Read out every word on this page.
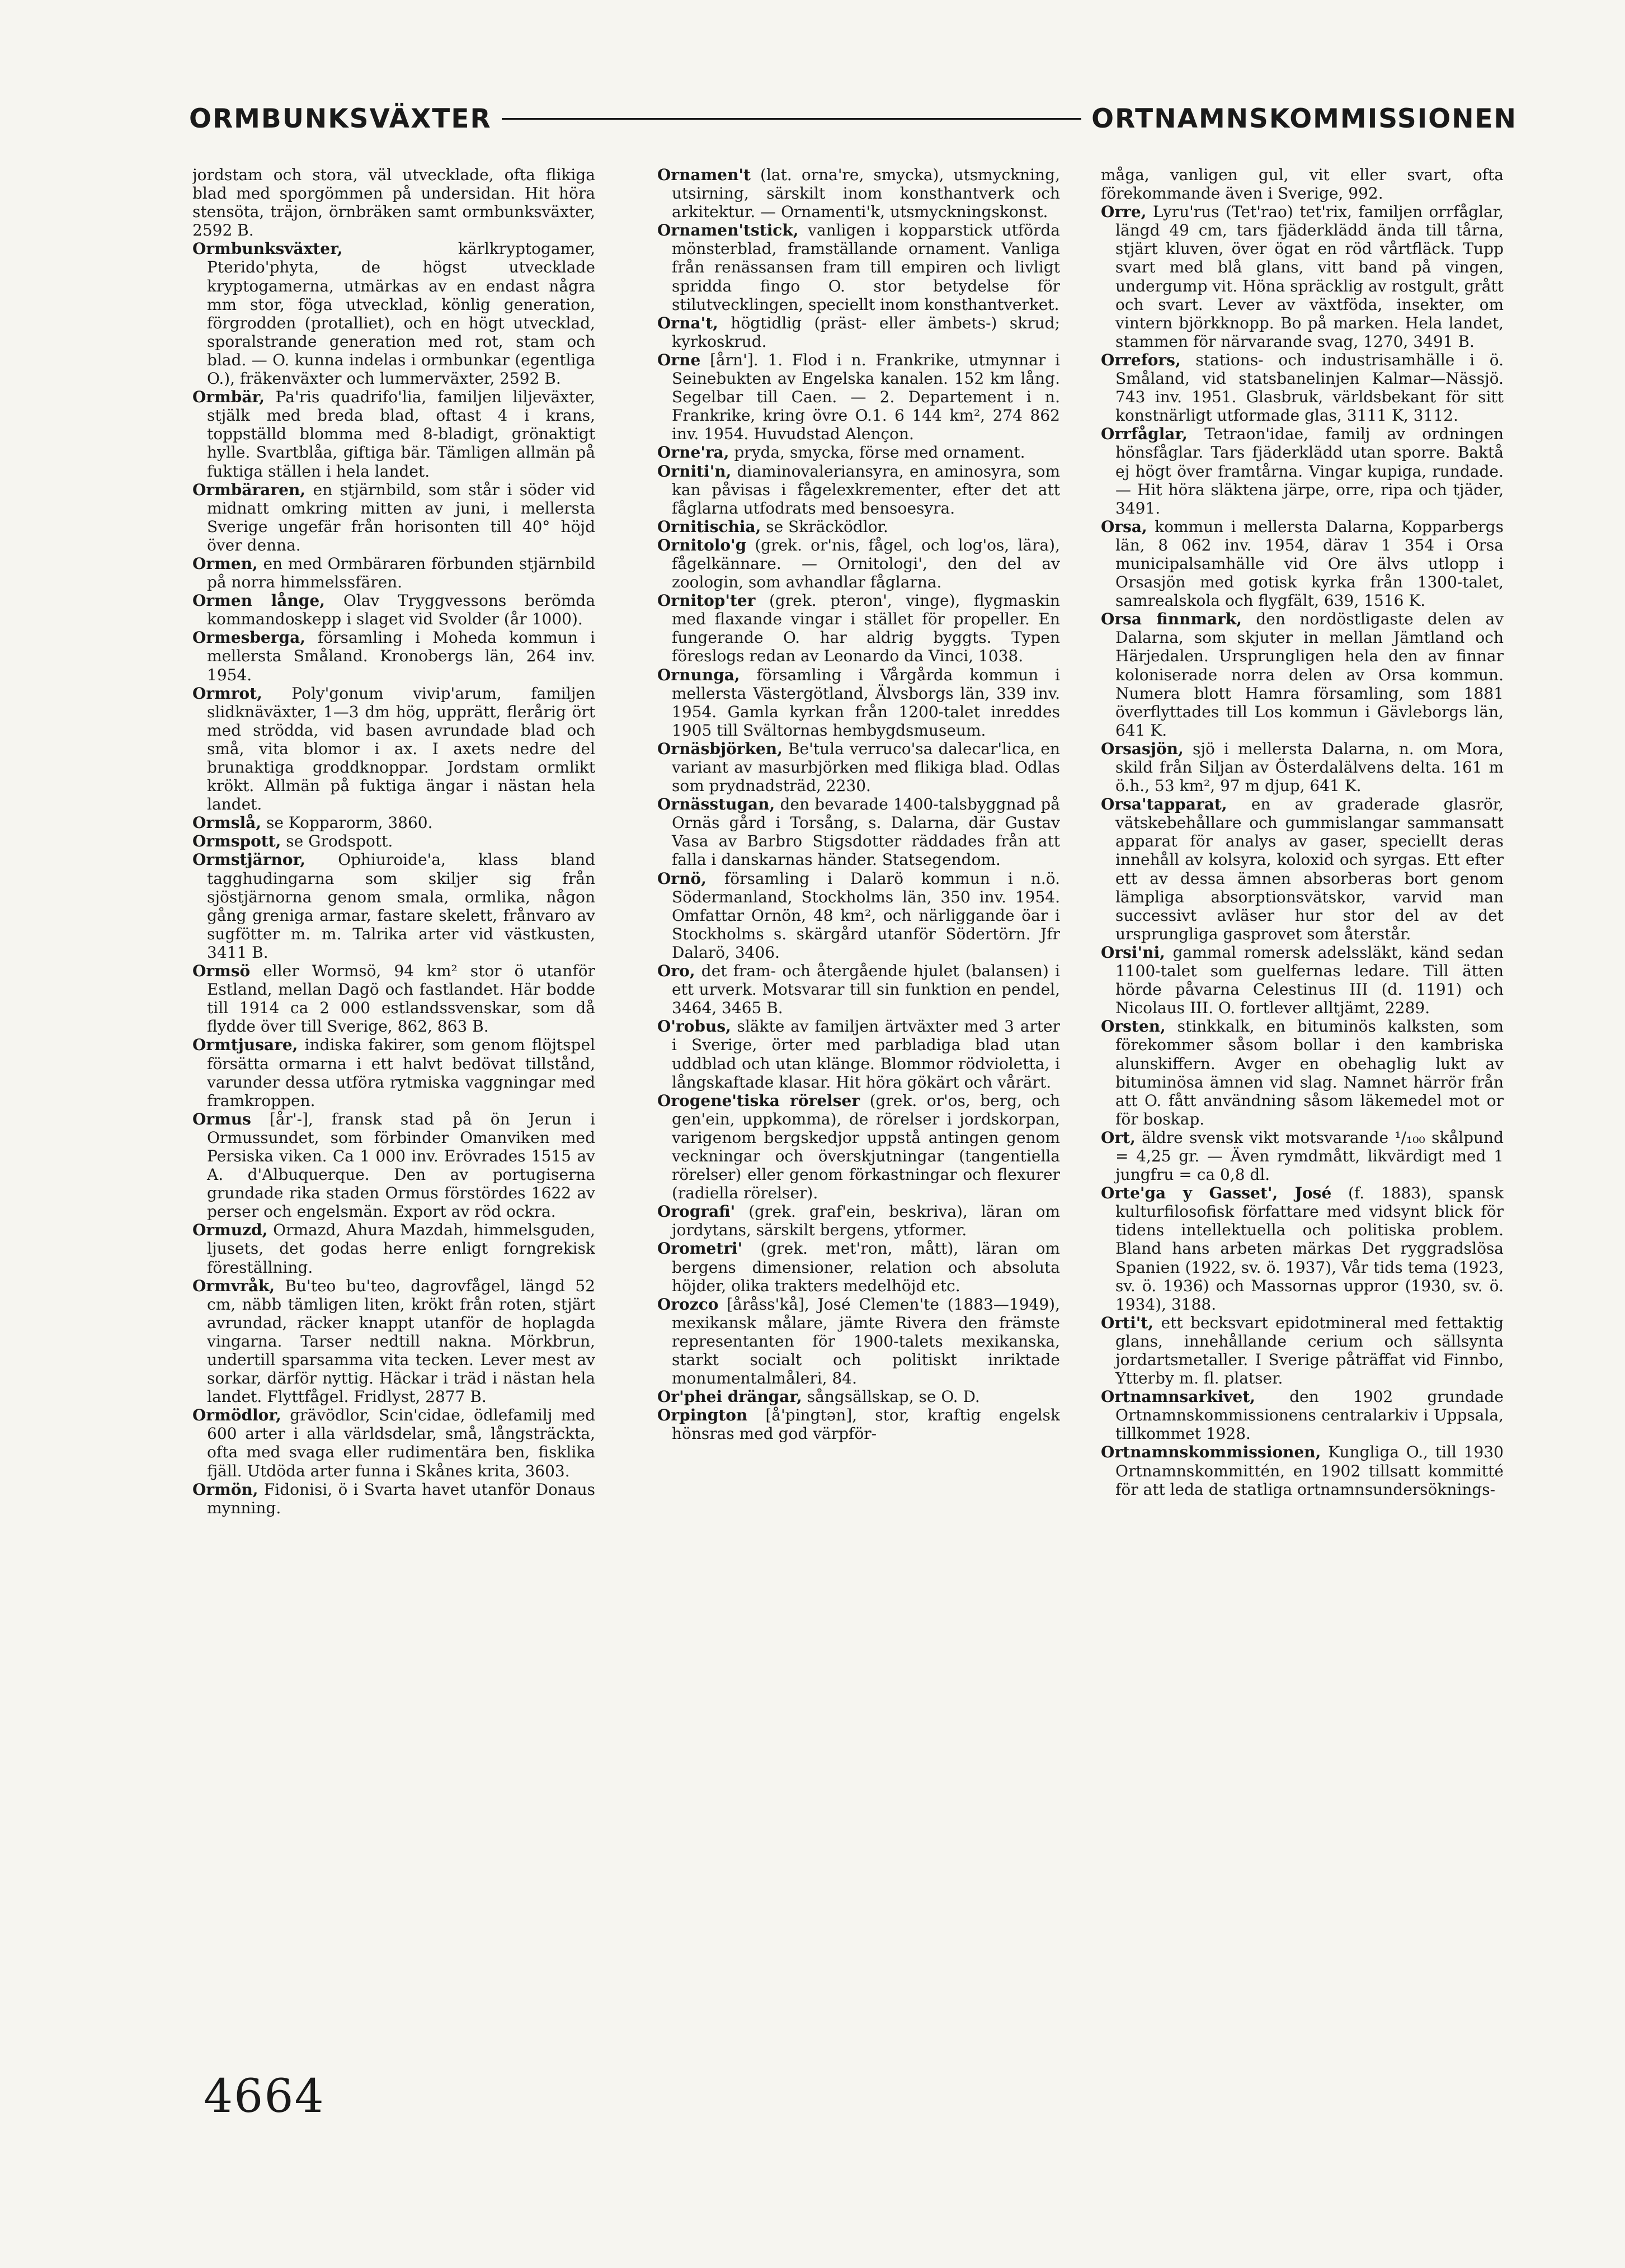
ORMBUNKSVÄXTER	ORTNAMNSKOMMISSIONEN

jordstam och stora, väl utvecklade, ofta flikiga blad med sporgömmen på undersidan. Hit höra stensöta, träjon, örnbräken samt ormbunksväxter, 2592 B.

Ormbunksväxter, kärlkryptogamer, Pterido'phyta, de högst utvecklade kryptogamerna, utmärkas av en endast några mm stor, föga utvecklad, könlig generation, förgrodden (protalliet), och en högt utvecklad, sporalstrande generation med rot, stam och blad. — O. kunna indelas i ormbunkar (egentliga O.), fräkenväxter och lummerväxter, 2592 B.

Ormbär, Pa'ris quadrifo'lia, familjen liljeväxter, stjälk med breda blad, oftast 4 i krans, toppställd blomma med 8-bladigt, grönaktigt hylle. Svartblåa, giftiga bär. Tämligen allmän på fuktiga ställen i hela landet.

Ormbäraren, en stjärnbild, som står i söder vid midnatt omkring mitten av juni, i mellersta Sverige ungefär från horisonten till 40° höjd över denna.

Ormen, en med Ormbäraren förbunden stjärnbild på norra himmelssfären.

Ormen långe, Olav Tryggvessons berömda kommandoskepp i slaget vid Svolder (år 1000).

Ormesberga, församling i Moheda kommun i mellersta Småland. Kronobergs län, 264 inv. 1954.

Ormrot, Poly'gonum vivip'arum, familjen slidknäväxter, 1—3 dm hög, upprätt, flerårig ört med strödda, vid basen avrundade blad och små, vita blomor i ax. I axets nedre del brunaktiga groddknoppar. Jordstam ormlikt krökt. Allmän på fuktiga ängar i nästan hela landet.

Ormslå, se Kopparorm, 3860.

Ormspott, se Grodspott.

Ormstjärnor, Ophiuroide'a, klass bland tagghudingarna som skiljer sig från sjöstjärnorna genom smala, ormlika, någon gång greniga armar, fastare skelett, frånvaro av sugfötter m. m. Talrika arter vid västkusten, 3411 B.

Ormsö eller Wormsö, 94 km² stor ö utanför Estland, mellan Dagö och fastlandet. Här bodde till 1914 ca 2 000 estlandssvenskar, som då flydde över till Sverige, 862, 863 B.

Ormtjusare, indiska fakirer, som genom flöjtspel försätta ormarna i ett halvt bedövat tillstånd, varunder dessa utföra rytmiska vaggningar med framkroppen.

Ormus [år'-], fransk stad på ön Jerun i Ormussundet, som förbinder Omanviken med Persiska viken. Ca 1 000 inv. Erövrades 1515 av A. d'Albuquerque. Den av portugiserna grundade rika staden Ormus förstördes 1622 av perser och engelsmän. Export av röd ockra.

Ormuzd, Ormazd, Ahura Mazdah, himmelsguden, ljusets, det godas herre enligt forngrekisk föreställning.

Ormvråk, Bu'teo bu'teo, dagrovfågel, längd 52 cm, näbb tämligen liten, krökt från roten, stjärt avrundad, räcker knappt utanför de hoplagda vingarna. Tarser nedtill nakna. Mörkbrun, undertill sparsamma vita tecken. Lever mest av sorkar, därför nyttig. Häckar i träd i nästan hela landet. Flyttfågel. Fridlyst, 2877 B.

Ormödlor, grävödlor, Scin'cidae, ödlefamilj med 600 arter i alla världsdelar, små, långsträckta, ofta med svaga eller rudimentära ben, fisklika fjäll. Utdöda arter funna i Skånes krita, 3603.

Ormön, Fidonisi, ö i Svarta havet utanför Donaus mynning.

Ornamen't (lat. orna're, smycka), utsmyckning, utsirning, särskilt inom konsthantverk och arkitektur. — Ornamenti'k, utsmyckningskonst.

Ornamen'tstick, vanligen i kopparstick utförda mönsterblad, framställande ornament. Vanliga från renässansen fram till empiren och livligt spridda fingo O. stor betydelse för stilutvecklingen, speciellt inom konsthantverket.

Orna't, högtidlig (präst- eller ämbets-) skrud; kyrkoskrud.

Orne [årn']. 1. Flod i n. Frankrike, utmynnar i Seinebukten av Engelska kanalen. 152 km lång. Segelbar till Caen. — 2. Departement i n. Frankrike, kring övre O.1. 6 144 km², 274 862 inv. 1954. Huvudstad Alençon.

Orne'ra, pryda, smycka, förse med ornament.

Orniti'n, diaminovaleriansyra, en aminosyra, som kan påvisas i fågelexkrementer, efter det att fåglarna utfodrats med bensoesyra.

Ornitischia, se Skräcködlor.

Ornitolo'g (grek. or'nis, fågel, och log'os, lära), fågelkännare. — Ornitologi', den del av zoologin, som avhandlar fåglarna.

Ornitop'ter (grek. pteron', vinge), flygmaskin med flaxande vingar i stället för propeller. En fungerande O. har aldrig byggts. Typen föreslogs redan av Leonardo da Vinci, 1038.

Ornunga, församling i Vårgårda kommun i mellersta Västergötland, Älvsborgs län, 339 inv. 1954. Gamla kyrkan från 1200-talet inreddes 1905 till Svältornas hembygdsmuseum.

Ornäsbjörken, Be'tula verruco'sa dalecar'lica, en variant av masurbjörken med flikiga blad. Odlas som prydnadsträd, 2230.

Ornässtugan, den bevarade 1400-talsbyggnad på Ornäs gård i Torsång, s. Dalarna, där Gustav Vasa av Barbro Stigsdotter räddades från att falla i danskarnas händer. Statsegendom.

Ornö, församling i Dalarö kommun i n.ö. Södermanland, Stockholms län, 350 inv. 1954. Omfattar Ornön, 48 km², och närliggande öar i Stockholms s. skärgård utanför Södertörn. Jfr Dalarö, 3406.

Oro, det fram- och återgående hjulet (balansen) i ett urverk. Motsvarar till sin funktion en pendel, 3464, 3465 B.

O'robus, släkte av familjen ärtväxter med 3 arter i Sverige, örter med parbladiga blad utan uddblad och utan klänge. Blommor rödvioletta, i långskaftade klasar. Hit höra gökärt och vårärt.

Orogene'tiska rörelser (grek. or'os, berg, och gen'ein, uppkomma), de rörelser i jordskorpan, varigenom bergskedjor uppstå antingen genom veckningar och överskjutningar (tangentiella rörelser) eller genom förkastningar och flexurer (radiella rörelser).

Orografi' (grek. graf'ein, beskriva), läran om jordytans, särskilt bergens, ytformer.

Orometri' (grek. met'ron, mått), läran om bergens dimensioner, relation och absoluta höjder, olika trakters medelhöjd etc.

Orozco [åråss'kå], José Clemen'te (1883—1949), mexikansk målare, jämte Rivera den främste representanten för 1900-talets mexikanska, starkt socialt och politiskt inriktade monumentalmåleri, 84.

Or'phei drängar, sångsällskap, se O. D.

Orpington [å'pingtən], stor, kraftig engelsk hönsras med god värpför-

måga, vanligen gul, vit eller svart, ofta förekommande även i Sverige, 992.

Orre, Lyru'rus (Tet'rao) tet'rix, familjen orrfåglar, längd 49 cm, tars fjäderklädd ända till tårna, stjärt kluven, över ögat en röd vårtfläck. Tupp svart med blå glans, vitt band på vingen, undergump vit. Höna spräcklig av rostgult, grått och svart. Lever av växtföda, insekter, om vintern björkknopp. Bo på marken. Hela landet, stammen för närvarande svag, 1270, 3491 B.

Orrefors, stations- och industrisamhälle i ö. Småland, vid statsbanelinjen Kalmar—Nässjö. 743 inv. 1951. Glasbruk, världsbekant för sitt konstnärligt utformade glas, 3111 K, 3112.

Orrfåglar, Tetraon'idae, familj av ordningen hönsfåglar. Tars fjäderklädd utan sporre. Baktå ej högt över framtårna. Vingar kupiga, rundade. — Hit höra släktena järpe, orre, ripa och tjäder, 3491.

Orsa, kommun i mellersta Dalarna, Kopparbergs län, 8 062 inv. 1954, därav 1 354 i Orsa municipalsamhälle vid Ore älvs utlopp i Orsasjön med gotisk kyrka från 1300-talet, samrealskola och flygfält, 639, 1516 K.

Orsa finnmark, den nordöstligaste delen av Dalarna, som skjuter in mellan Jämtland och Härjedalen. Ursprungligen hela den av finnar koloniserade norra delen av Orsa kommun. Numera blott Hamra församling, som 1881 överflyttades till Los kommun i Gävleborgs län, 641 K.

Orsasjön, sjö i mellersta Dalarna, n. om Mora, skild från Siljan av Österdalälvens delta. 161 m ö.h., 53 km², 97 m djup, 641 K.

Orsa'tapparat, en av graderade glasrör, vätskebehållare och gummislangar sammansatt apparat för analys av gaser, speciellt deras innehåll av kolsyra, koloxid och syrgas. Ett efter ett av dessa ämnen absorberas bort genom lämpliga absorptionsvätskor, varvid man successivt avläser hur stor del av det ursprungliga gasprovet som återstår.

Orsi'ni, gammal romersk adelssläkt, känd sedan 1100-talet som guelfernas ledare. Till ätten hörde påvarna Celestinus III (d. 1191) och Nicolaus III. O. fortlever alltjämt, 2289.

Orsten, stinkkalk, en bituminös kalksten, som förekommer såsom bollar i den kambriska alunskiffern. Avger en obehaglig lukt av bituminösa ämnen vid slag. Namnet härrör från att O. fått användning såsom läkemedel mot or för boskap.

Ort, äldre svensk vikt motsvarande ¹/₁₀₀ skålpund = 4,25 gr. — Även rymdmått, likvärdigt med 1 jungfru = ca 0,8 dl.

Orte'ga y Gasset', José (f. 1883), spansk kulturfilosofisk författare med vidsynt blick för tidens intellektuella och politiska problem. Bland hans arbeten märkas Det ryggradslösa Spanien (1922, sv. ö. 1937), Vår tids tema (1923, sv. ö. 1936) och Massornas uppror (1930, sv. ö. 1934), 3188.

Orti't, ett becksvart epidotmineral med fettaktig glans, innehållande cerium och sällsynta jordartsmetaller. I Sverige påträffat vid Finnbo, Ytterby m. fl. platser.

Ortnamnsarkivet, den 1902 grundade Ortnamnskommissionens centralarkiv i Uppsala, tillkommet 1928.

Ortnamnskommissionen, Kungliga O., till 1930 Ortnamnskommittén, en 1902 tillsatt kommitté för att leda de statliga ortnamnsundersöknings-

4664
